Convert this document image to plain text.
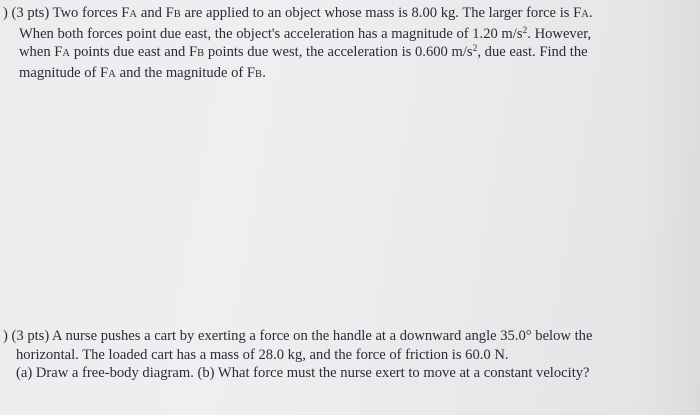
) (3 pts) Two forces FA and FB are applied to an object whose mass is 8.00 kg. The larger force is FA.
When both forces point due east, the object's acceleration has a magnitude of 1.20 $m/s^2$. However,
when FA points due east and FB points due west, the acceleration is 0.600 $m/s^2$, due east. Find the
magnitude of FA and the magnitude of FB.
) (3 pts) A nurse pushes a cart by exerting a force on the handle at a downward angle 35.0° below the
horizontal. The loaded cart has a mass of 28.0 kg, and the force of friction is 60.0 N.
(a) Draw a free-body diagram. (b) What force must the nurse exert to move at a constant velocity?
